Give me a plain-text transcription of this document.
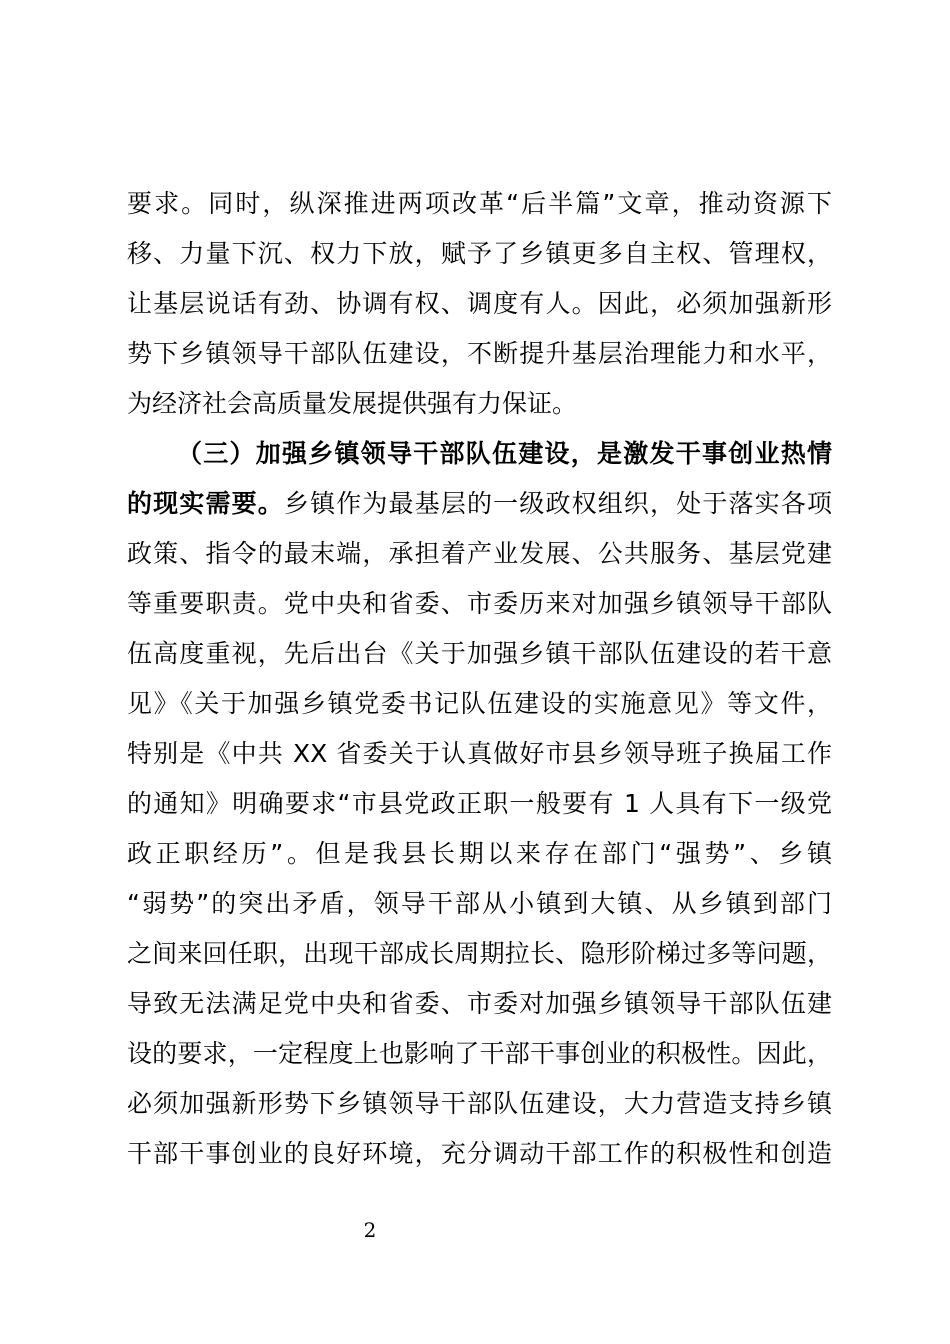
要求。同时，纵深推进两项改革“后半篇”文章，推动资源下
移、力量下沉、权力下放，赋予了乡镇更多自主权、管理权，
让基层说话有劲、协调有权、调度有人。因此，必须加强新形
势下乡镇领导干部队伍建设，不断提升基层治理能力和水平，
为经济社会高质量发展提供强有力保证。
（三）加强乡镇领导干部队伍建设，是激发干事创业热情
的现实需要。乡镇作为最基层的一级政权组织，处于落实各项
政策、指令的最末端，承担着产业发展、公共服务、基层党建
等重要职责。党中央和省委、市委历来对加强乡镇领导干部队
伍高度重视，先后出台《关于加强乡镇干部队伍建设的若干意
见》《关于加强乡镇党委书记队伍建设的实施意见》等文件，
特别是《中共 XX 省委关于认真做好市县乡领导班子换届工作
的通知》明确要求“市县党政正职一般要有 1 人具有下一级党
政正职经历”。但是我县长期以来存在部门“强势”、乡镇
“弱势”的突出矛盾，领导干部从小镇到大镇、从乡镇到部门
之间来回任职，出现干部成长周期拉长、隐形阶梯过多等问题，
导致无法满足党中央和省委、市委对加强乡镇领导干部队伍建
设的要求，一定程度上也影响了干部干事创业的积极性。因此，
必须加强新形势下乡镇领导干部队伍建设，大力营造支持乡镇
干部干事创业的良好环境，充分调动干部工作的积极性和创造
2
